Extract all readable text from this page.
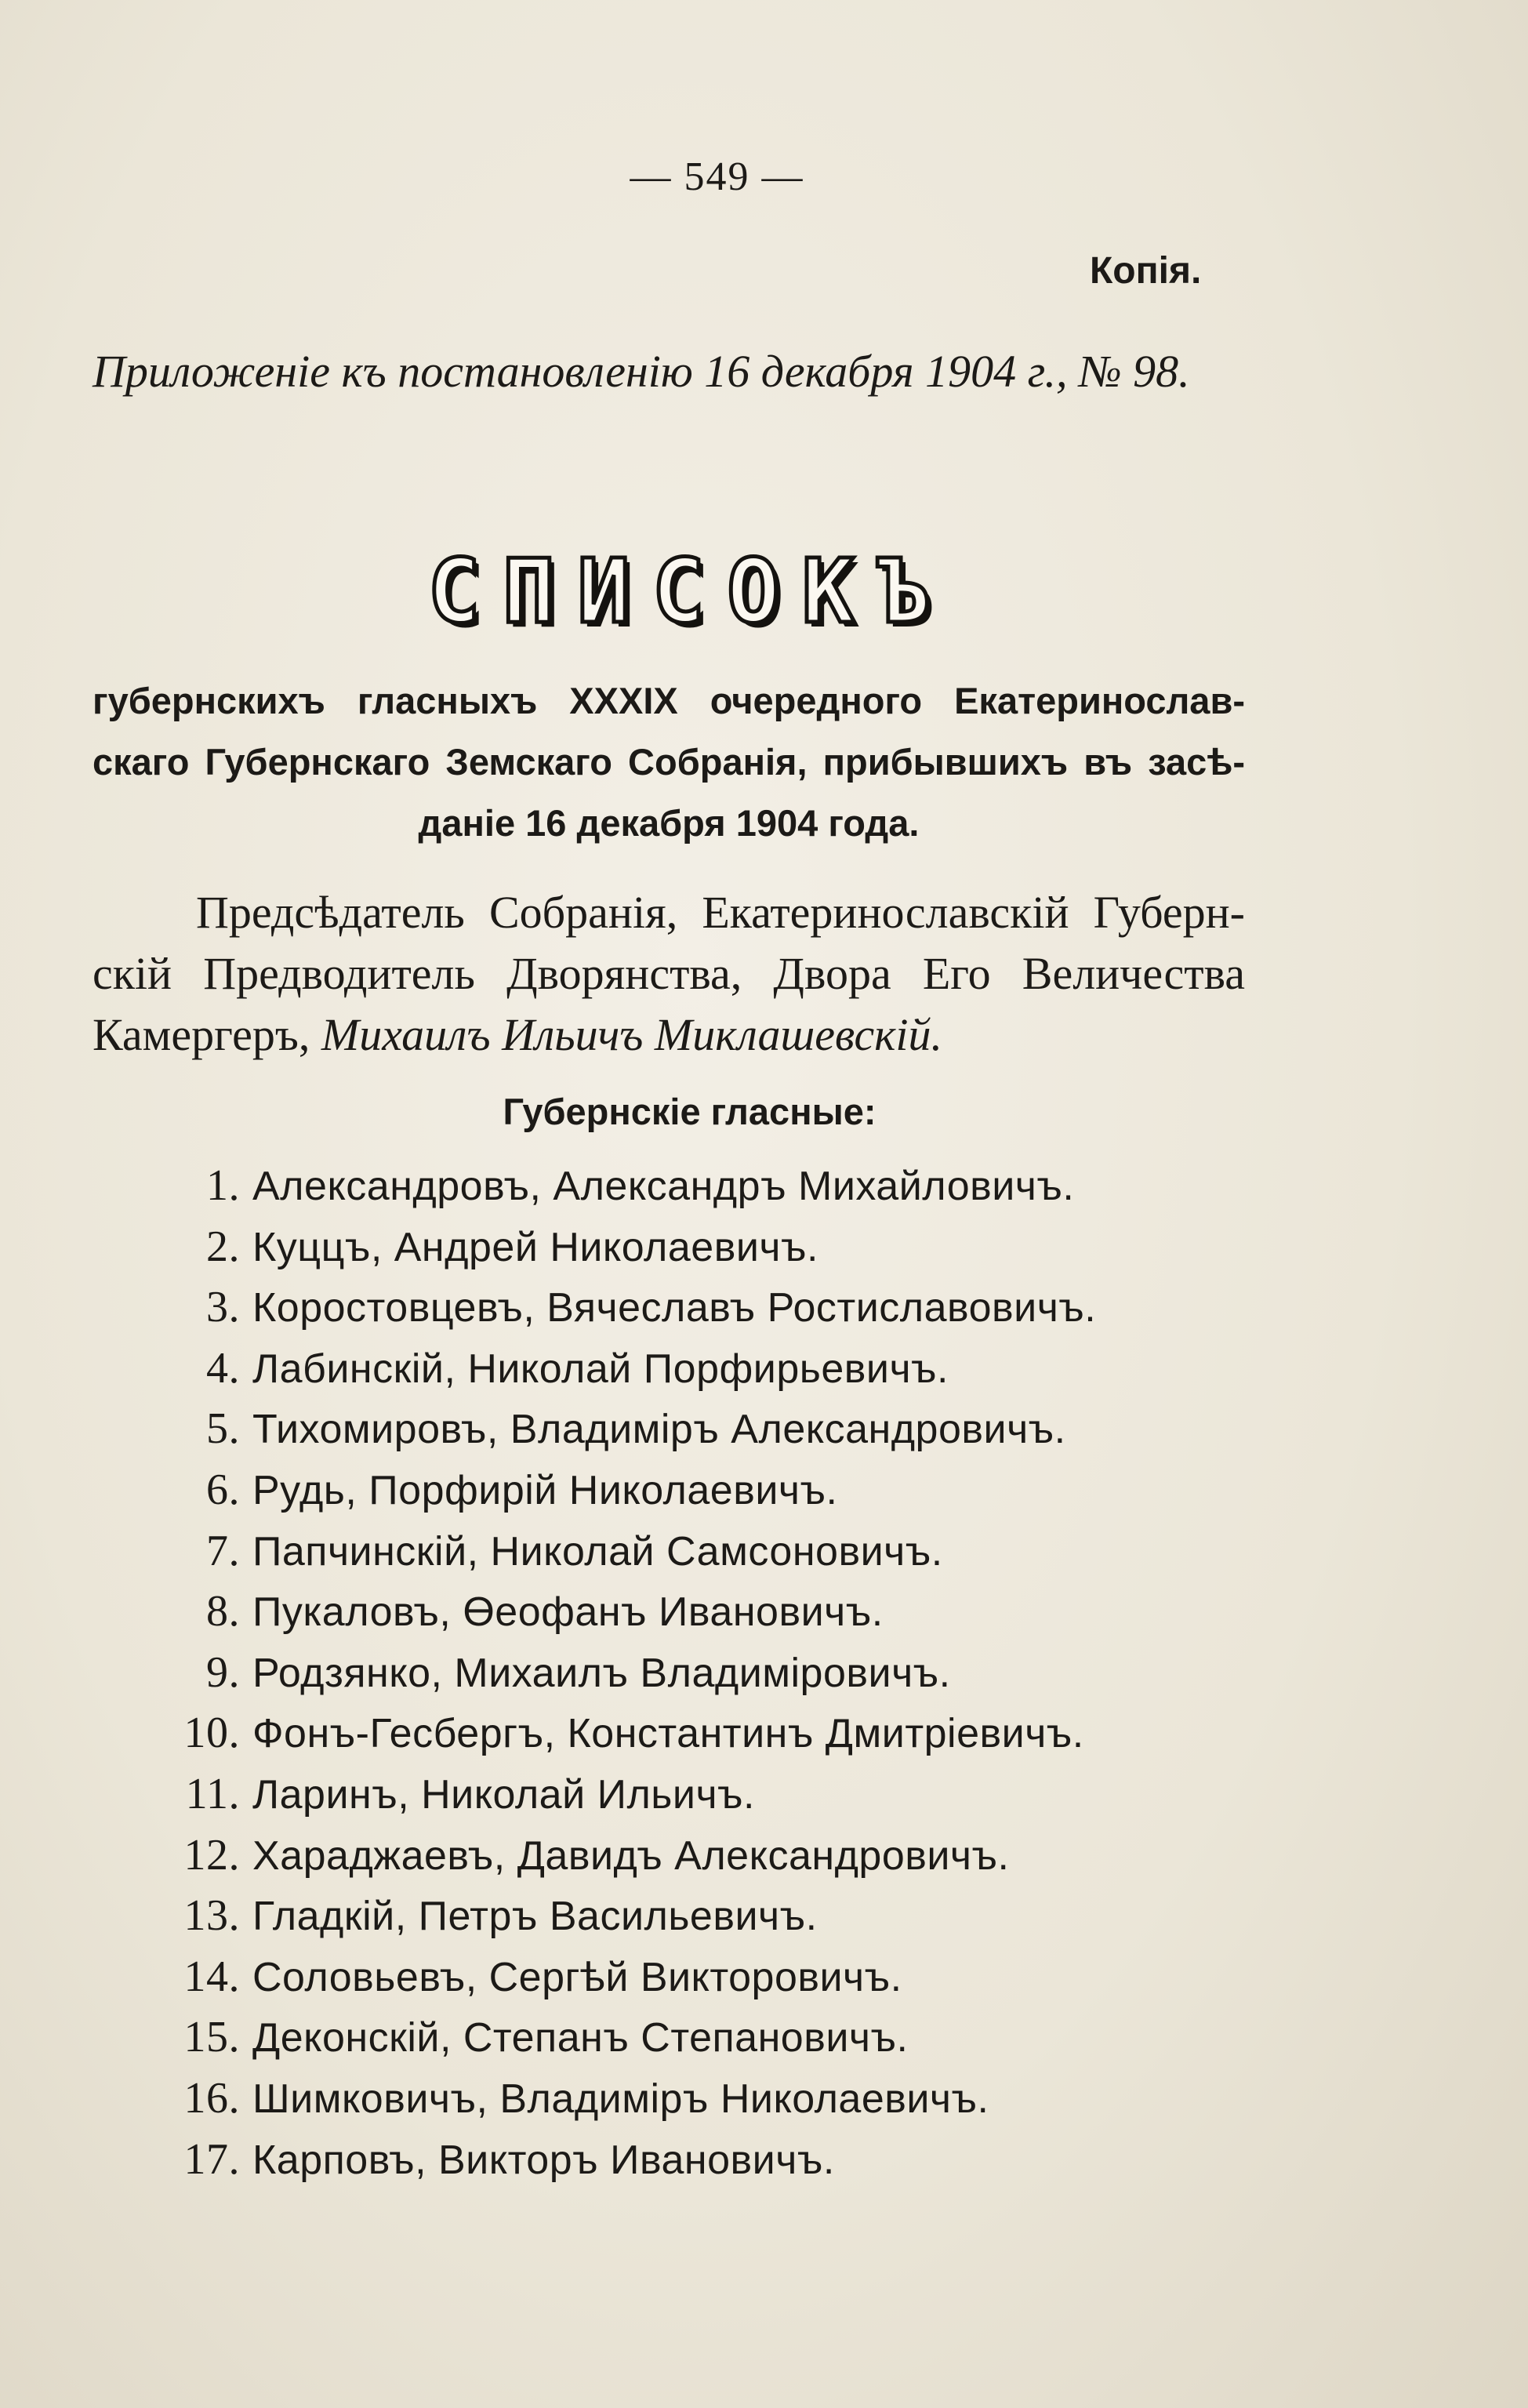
— 549 —
Копія.
Приложеніе къ постановленію 16 декабря 1904 г., № 98.
СПИСОКЪ
губернскихъ гласныхъ XXXIX очередного Екатеринослав-
скаго Губернскаго Земскаго Собранія, прибывшихъ въ засѣ-
даніе 16 декабря 1904 года.
Предсѣдатель Собранія, Екатеринославскій Губерн-
скій Предводитель Дворянства, Двора Его Величества
Камергеръ, Михаилъ Ильичъ Миклашевскій.
Губернскіе гласные:
1. Александровъ, Александръ Михайловичъ.
2. Куццъ, Андрей Николаевичъ.
3. Коростовцевъ, Вячеславъ Ростиславовичъ.
4. Лабинскій, Николай Порфирьевичъ.
5. Тихомировъ, Владиміръ Александровичъ.
6. Рудь, Порфирій Николаевичъ.
7. Папчинскій, Николай Самсоновичъ.
8. Пукаловъ, Өеофанъ Ивановичъ.
9. Родзянко, Михаилъ Владиміровичъ.
10. Фонъ-Гесбергъ, Константинъ Дмитріевичъ.
11. Ларинъ, Николай Ильичъ.
12. Хараджаевъ, Давидъ Александровичъ.
13. Гладкій, Петръ Васильевичъ.
14. Соловьевъ, Сергѣй Викторовичъ.
15. Деконскій, Степанъ Степановичъ.
16. Шимковичъ, Владиміръ Николаевичъ.
17. Карповъ, Викторъ Ивановичъ.
